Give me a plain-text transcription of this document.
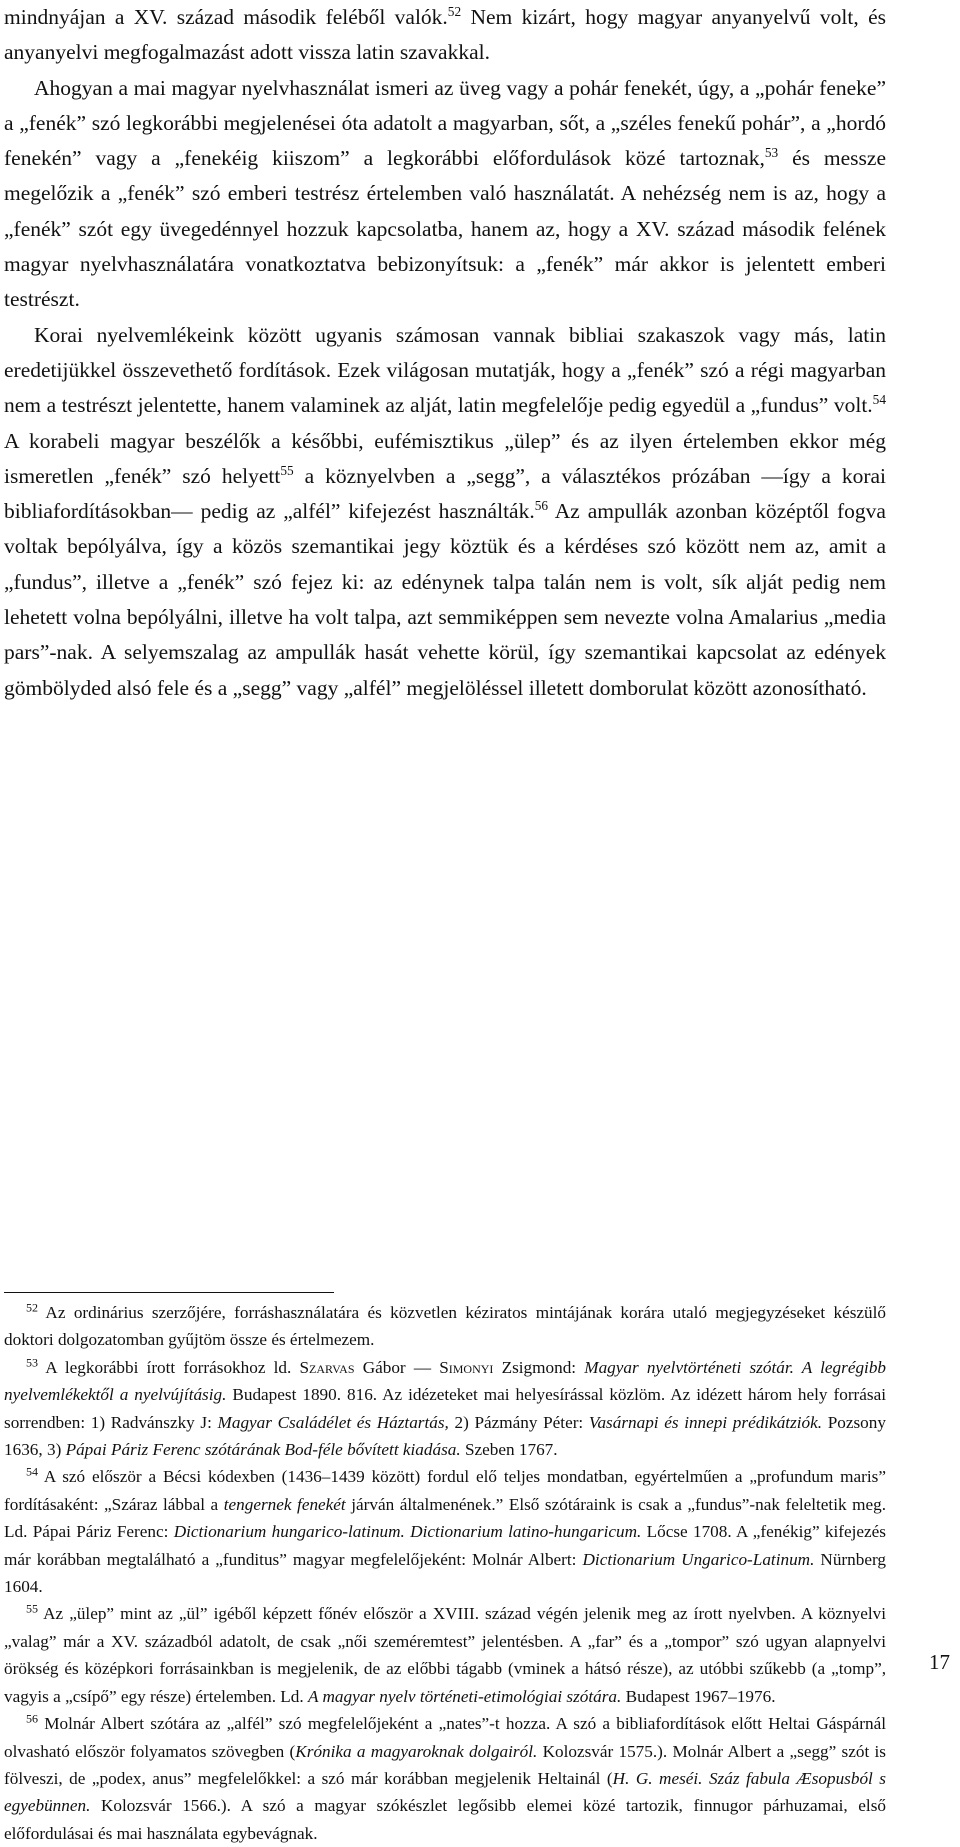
mindnyájan a XV. század második feléből valók.$^{52}$ Nem kizárt, hogy magyar anyanyelvű volt, és anyanyelvi megfogalmazást adott vissza latin szavakkal.

Ahogyan a mai magyar nyelvhasználat ismeri az üveg vagy a pohár fenekét, úgy, a „pohár feneke” a „fenék” szó legkorábbi megjelenései óta adatolt a magyarban, sőt, a „széles fenekű pohár”, a „hordó fenekén” vagy a „fenekéig kiiszom” a legkorábbi előfordulások közé tartoznak,$^{53}$ és messze megelőzik a „fenék” szó emberi testrész értelemben való használatát. A nehézség nem is az, hogy a „fenék” szót egy üvegedénnyel hozzuk kapcsolatba, hanem az, hogy a XV. század második felének magyar nyelvhasználatára vonatkoztatva bebizonyítsuk: a „fenék” már akkor is jelentett emberi testrészt.

Korai nyelvemlékeink között ugyanis számosan vannak bibliai szakaszok vagy más, latin eredetijükkel összevethető fordítások. Ezek világosan mutatják, hogy a „fenék” szó a régi magyarban nem a testrészt jelentette, hanem valaminek az alját, latin megfelelője pedig egyedül a „fundus” volt.$^{54}$ A korabeli magyar beszélők a későbbi, eufémisztikus „ülep” és az ilyen értelemben ekkor még ismeretlen „fenék” szó helyett$^{55}$ a köznyelvben a „segg”, a választékos prózában —így a korai bibliafordításokban— pedig az „alfél” kifejezést használták.$^{56}$ Az ampullák azonban középtől fogva voltak bepólyálva, így a közös szemantikai jegy köztük és a kérdéses szó között nem az, amit a „fundus”, illetve a „fenék” szó fejez ki: az edénynek talpa talán nem is volt, sík alját pedig nem lehetett volna bepólyálni, illetve ha volt talpa, azt semmiképpen sem nevezte volna Amalarius „media pars”-nak. A selyemszalag az ampullák hasát vehette körül, így szemantikai kapcsolat az edények gömbölyded alsó fele és a „segg” vagy „alfél” megjelöléssel illetett domborulat között azonosítható.

$^{52}$ Az ordinárius szerzőjére, forráshasználatára és közvetlen kéziratos mintájának korára utaló megjegyzéseket készülő doktori dolgozatomban gyűjtöm össze és értelmezem.

$^{53}$ A legkorábbi írott forrásokhoz ld. Szarvas Gábor — Simonyi Zsigmond: Magyar nyelvtörténeti szótár. A legrégibb nyelvemlékektől a nyelvújításig. Budapest 1890. 816. Az idézeteket mai helyesírással közlöm. Az idézett három hely forrásai sorrendben: 1) Radvánszky J: Magyar Családélet és Háztartás, 2) Pázmány Péter: Vasárnapi és innepi prédikátziók. Pozsony 1636, 3) Pápai Páriz Ferenc szótárának Bod-féle bővített kiadása. Szeben 1767.

$^{54}$ A szó először a Bécsi kódexben (1436–1439 között) fordul elő teljes mondatban, egyértelműen a „profundum maris” fordításaként: „Száraz lábbal a tengernek fenekét járván általmenének.” Első szótáraink is csak a „fundus”-nak feleltetik meg. Ld. Pápai Páriz Ferenc: Dictionarium hungarico-latinum. Dictionarium latino-hungaricum. Lőcse 1708. A „fenékig” kifejezés már korábban megtalálható a „funditus” magyar megfelelőjeként: Molnár Albert: Dictionarium Ungarico-Latinum. Nürnberg 1604.

$^{55}$ Az „ülep” mint az „ül” igéből képzett főnév először a XVIII. század végén jelenik meg az írott nyelvben. A köznyelvi „valag” már a XV. századból adatolt, de csak „női szeméremtest” jelentésben. A „far” és a „tompor” szó ugyan alapnyelvi örökség és középkori forrásainkban is megjelenik, de az előbbi tágabb (vminek a hátsó része), az utóbbi szűkebb (a „tomp”, vagyis a „csípő” egy része) értelemben. Ld. A magyar nyelv történeti-etimológiai szótára. Budapest 1967–1976.

$^{56}$ Molnár Albert szótára az „alfél” szó megfelelőjeként a „nates”-t hozza. A szó a bibliafordítások előtt Heltai Gáspárnál olvasható először folyamatos szövegben (Krónika a magyaroknak dolgairól. Kolozsvár 1575.). Molnár Albert a „segg” szót is fölveszi, de „podex, anus” megfelelőkkel: a szó már korábban megjelenik Heltainál (H. G. meséi. Száz fabula Æsopusból s egyebünnen. Kolozsvár 1566.). A szó a magyar szókészlet legősibb elemei közé tartozik, finnugor párhuzamai, első előfordulásai és mai használata egybevágnak.

17
